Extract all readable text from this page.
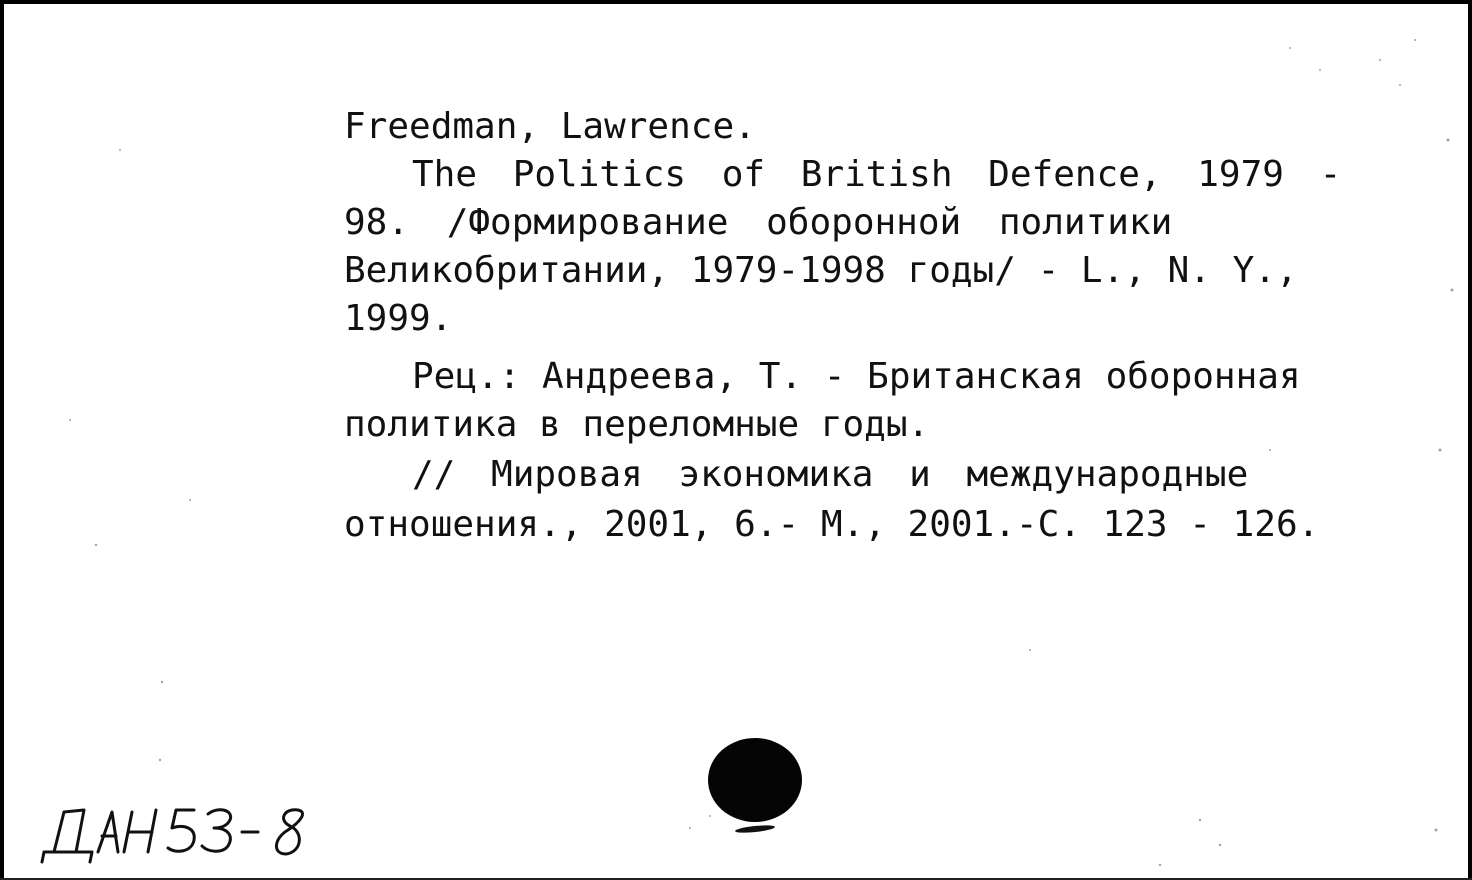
Freedman, Lawrence.
The Politics of British Defence, 1979 -
98. /Формирование оборонной политики
Великобритании, 1979-1998 годы/ - L., N. Y.,
1999.
Рец.: Андреева, Т. - Британская оборонная
политика в переломные годы.
// Мировая экономика и международные
отношения., 2001, 6.- М., 2001.-С. 123 - 126.
